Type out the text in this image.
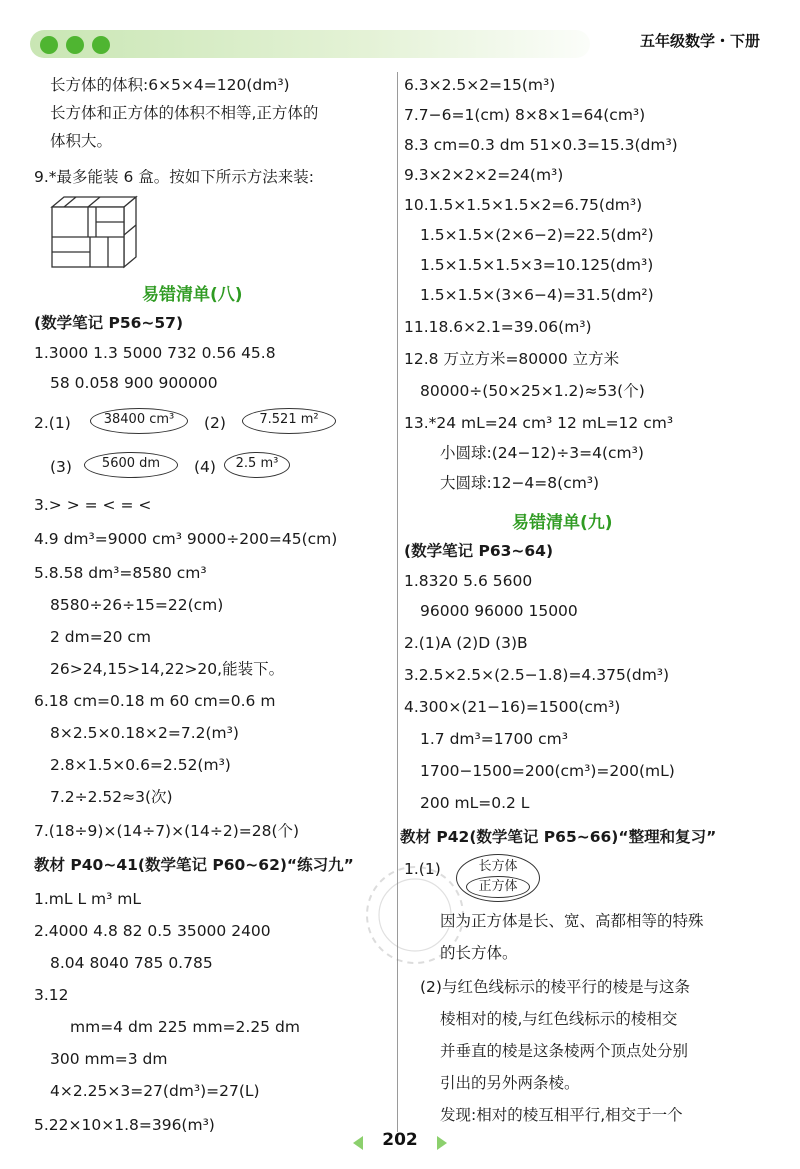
五年级数学・下册
长方体的体积:6×5×4=120(dm³)
长方体和正方体的体积不相等,正方体的
体积大。
9.*最多能装 6 盒。按如下所示方法来装:
易错清单(八)
(数学笔记 P56~57)
1.3000 1.3 5000 732 0.56 45.8
58 0.058 900 900000
2.(1)	38400 cm³	(2)	7.521 m²
(3)	5600 dm	(4)	2.5 m³
3.> > = < = <
4.9 dm³=9000 cm³ 9000÷200=45(cm)
5.8.58 dm³=8580 cm³
8580÷26÷15=22(cm)
2 dm=20 cm
26>24,15>14,22>20,能装下。
6.18 cm=0.18 m 60 cm=0.6 m
8×2.5×0.18×2=7.2(m³)
2.8×1.5×0.6=2.52(m³)
7.2÷2.52≈3(次)
7.(18÷9)×(14÷7)×(14÷2)=28(个)
教材 P40~41(数学笔记 P60~62)“练习九”
1.mL L m³ mL
2.4000 4.8 82 0.5 35000 2400
8.04 8040 785 0.785
3.12
mm=4 dm 225 mm=2.25 dm
300 mm=3 dm
4×2.25×3=27(dm³)=27(L)
5.22×10×1.8=396(m³)
6.3×2.5×2=15(m³)
7.7−6=1(cm) 8×8×1=64(cm³)
8.3 cm=0.3 dm 51×0.3=15.3(dm³)
9.3×2×2×2=24(m³)
10.1.5×1.5×1.5×2=6.75(dm³)
1.5×1.5×(2×6−2)=22.5(dm²)
1.5×1.5×1.5×3=10.125(dm³)
1.5×1.5×(3×6−4)=31.5(dm²)
11.18.6×2.1=39.06(m³)
12.8 万立方米=80000 立方米
80000÷(50×25×1.2)≈53(个)
13.*24 mL=24 cm³ 12 mL=12 cm³
小圆球:(24−12)÷3=4(cm³)
大圆球:12−4=8(cm³)
易错清单(九)
(数学笔记 P63~64)
1.8320 5.6 5600
96000 96000 15000
2.(1)A (2)D (3)B
3.2.5×2.5×(2.5−1.8)=4.375(dm³)
4.300×(21−16)=1500(cm³)
1.7 dm³=1700 cm³
1700−1500=200(cm³)=200(mL)
200 mL=0.2 L
教材 P42(数学笔记 P65~66)“整理和复习”
1.(1)	长方体
正方体
因为正方体是长、宽、高都相等的特殊
的长方体。
(2)与红色线标示的棱平行的棱是与这条
棱相对的棱,与红色线标示的棱相交
并垂直的棱是这条棱两个顶点处分别
引出的另外两条棱。
发现:相对的棱互相平行,相交于一个
202
